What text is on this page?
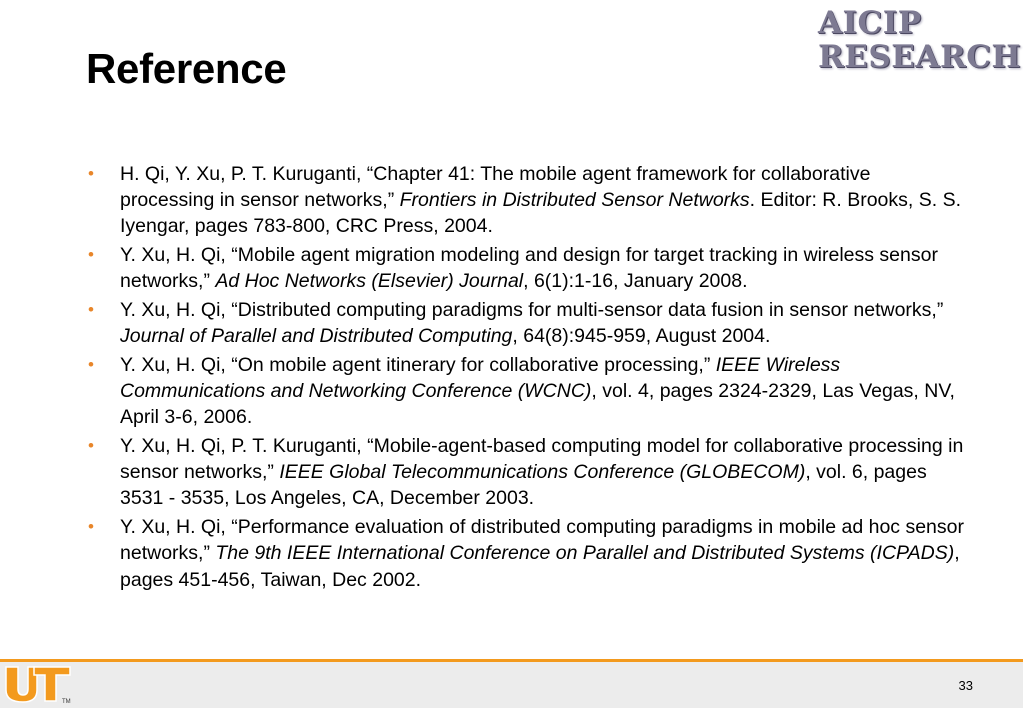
Reference
AICIP
RESEARCH
• H. Qi, Y. Xu, P. T. Kuruganti, “Chapter 41: The mobile agent framework for collaborative processing in sensor networks,” Frontiers in Distributed Sensor Networks. Editor: R. Brooks, S. S. Iyengar, pages 783-800, CRC Press, 2004.
• Y. Xu, H. Qi, “Mobile agent migration modeling and design for target tracking in wireless sensor networks,” Ad Hoc Networks (Elsevier) Journal, 6(1):1-16, January 2008.
• Y. Xu, H. Qi, “Distributed computing paradigms for multi-sensor data fusion in sensor networks,” Journal of Parallel and Distributed Computing, 64(8):945-959, August 2004.
• Y. Xu, H. Qi, “On mobile agent itinerary for collaborative processing,” IEEE Wireless Communications and Networking Conference (WCNC), vol. 4, pages 2324-2329, Las Vegas, NV, April 3-6, 2006.
• Y. Xu, H. Qi, P. T. Kuruganti, “Mobile-agent-based computing model for collaborative processing in sensor networks,” IEEE Global Telecommunications Conference (GLOBECOM), vol. 6, pages 3531 - 3535, Los Angeles, CA, December 2003.
• Y. Xu, H. Qi, “Performance evaluation of distributed computing paradigms in mobile ad hoc sensor networks,” The 9th IEEE International Conference on Parallel and Distributed Systems (ICPADS), pages 451-456, Taiwan, Dec 2002.
TM
33
